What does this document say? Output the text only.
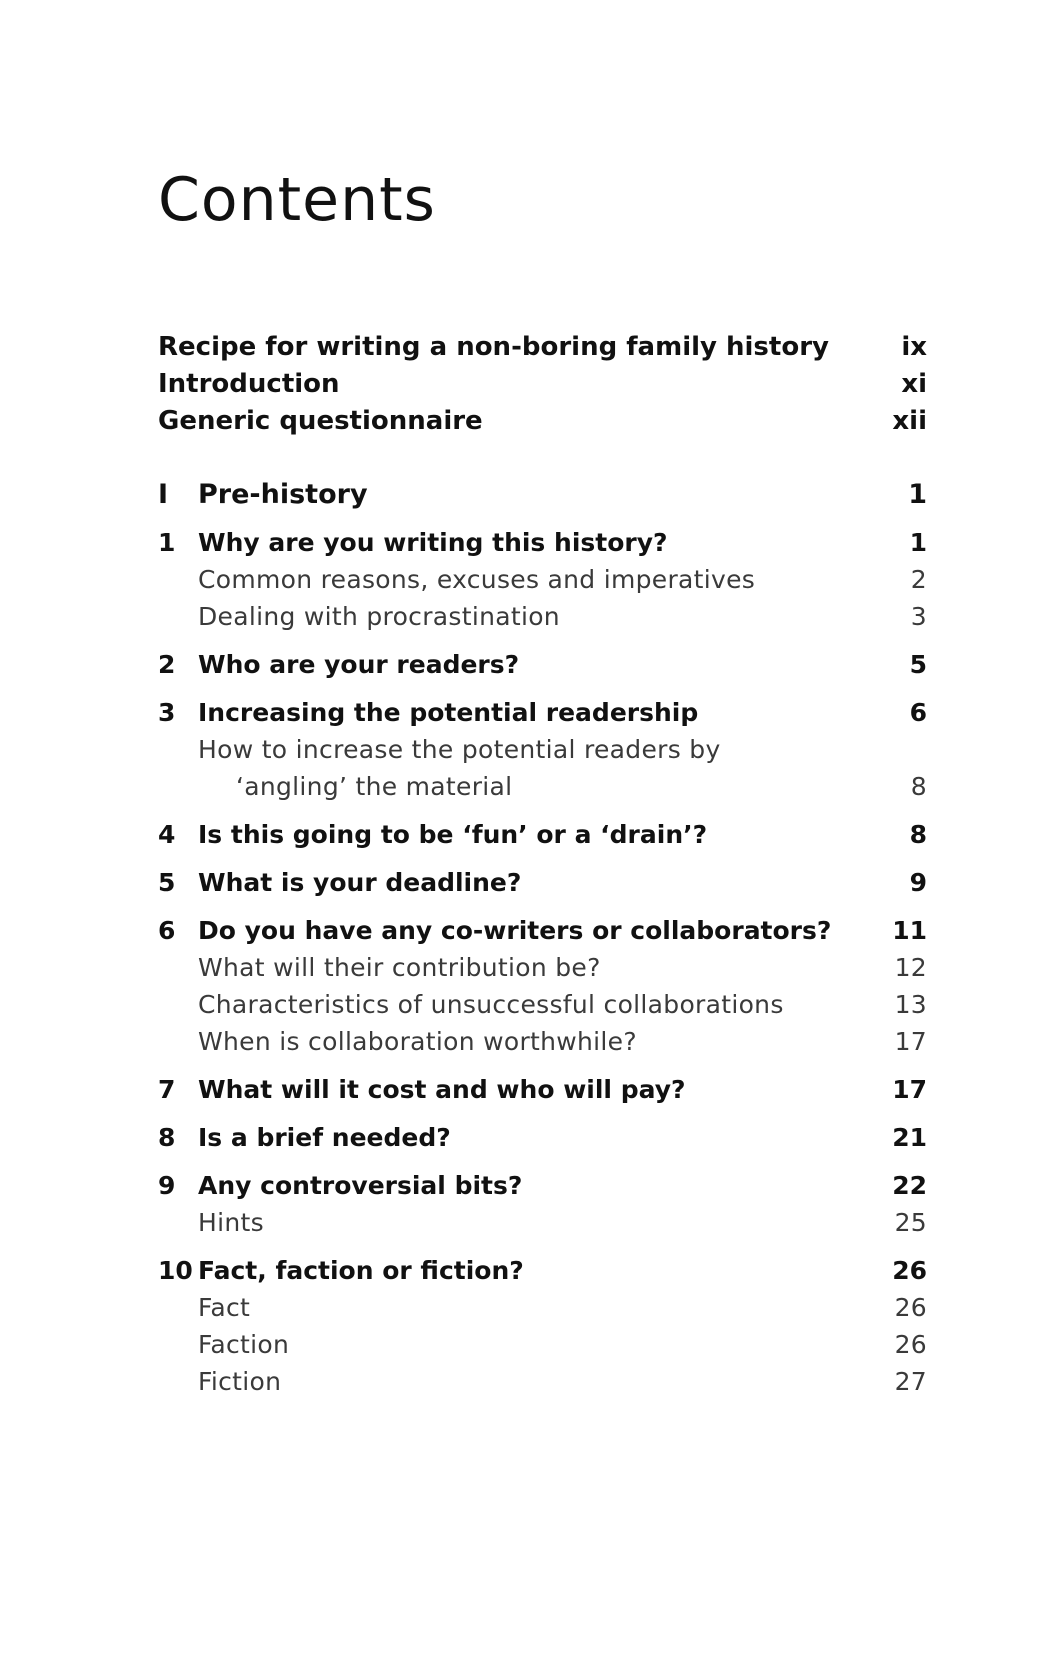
Contents
Recipe for writing a non-boring family history	ix
Introduction	xi
Generic questionnaire	xii
I Pre-history	1
1 Why are you writing this history?	1
Common reasons, excuses and imperatives	2
Dealing with procrastination	3
2 Who are your readers?	5
3 Increasing the potential readership	6
How to increase the potential readers by
‘angling’ the material	8
4 Is this going to be ‘fun’ or a ‘drain’?	8
5 What is your deadline?	9
6 Do you have any co-writers or collaborators? 11
What will their contribution be?	12
Characteristics of unsuccessful collaborations	13
When is collaboration worthwhile?	17
7 What will it cost and who will pay?	17
8 Is a brief needed?	21
9 Any controversial bits?	22
Hints	25
10 Fact, faction or fiction?	26
Fact	26
Faction	26
Fiction	27
